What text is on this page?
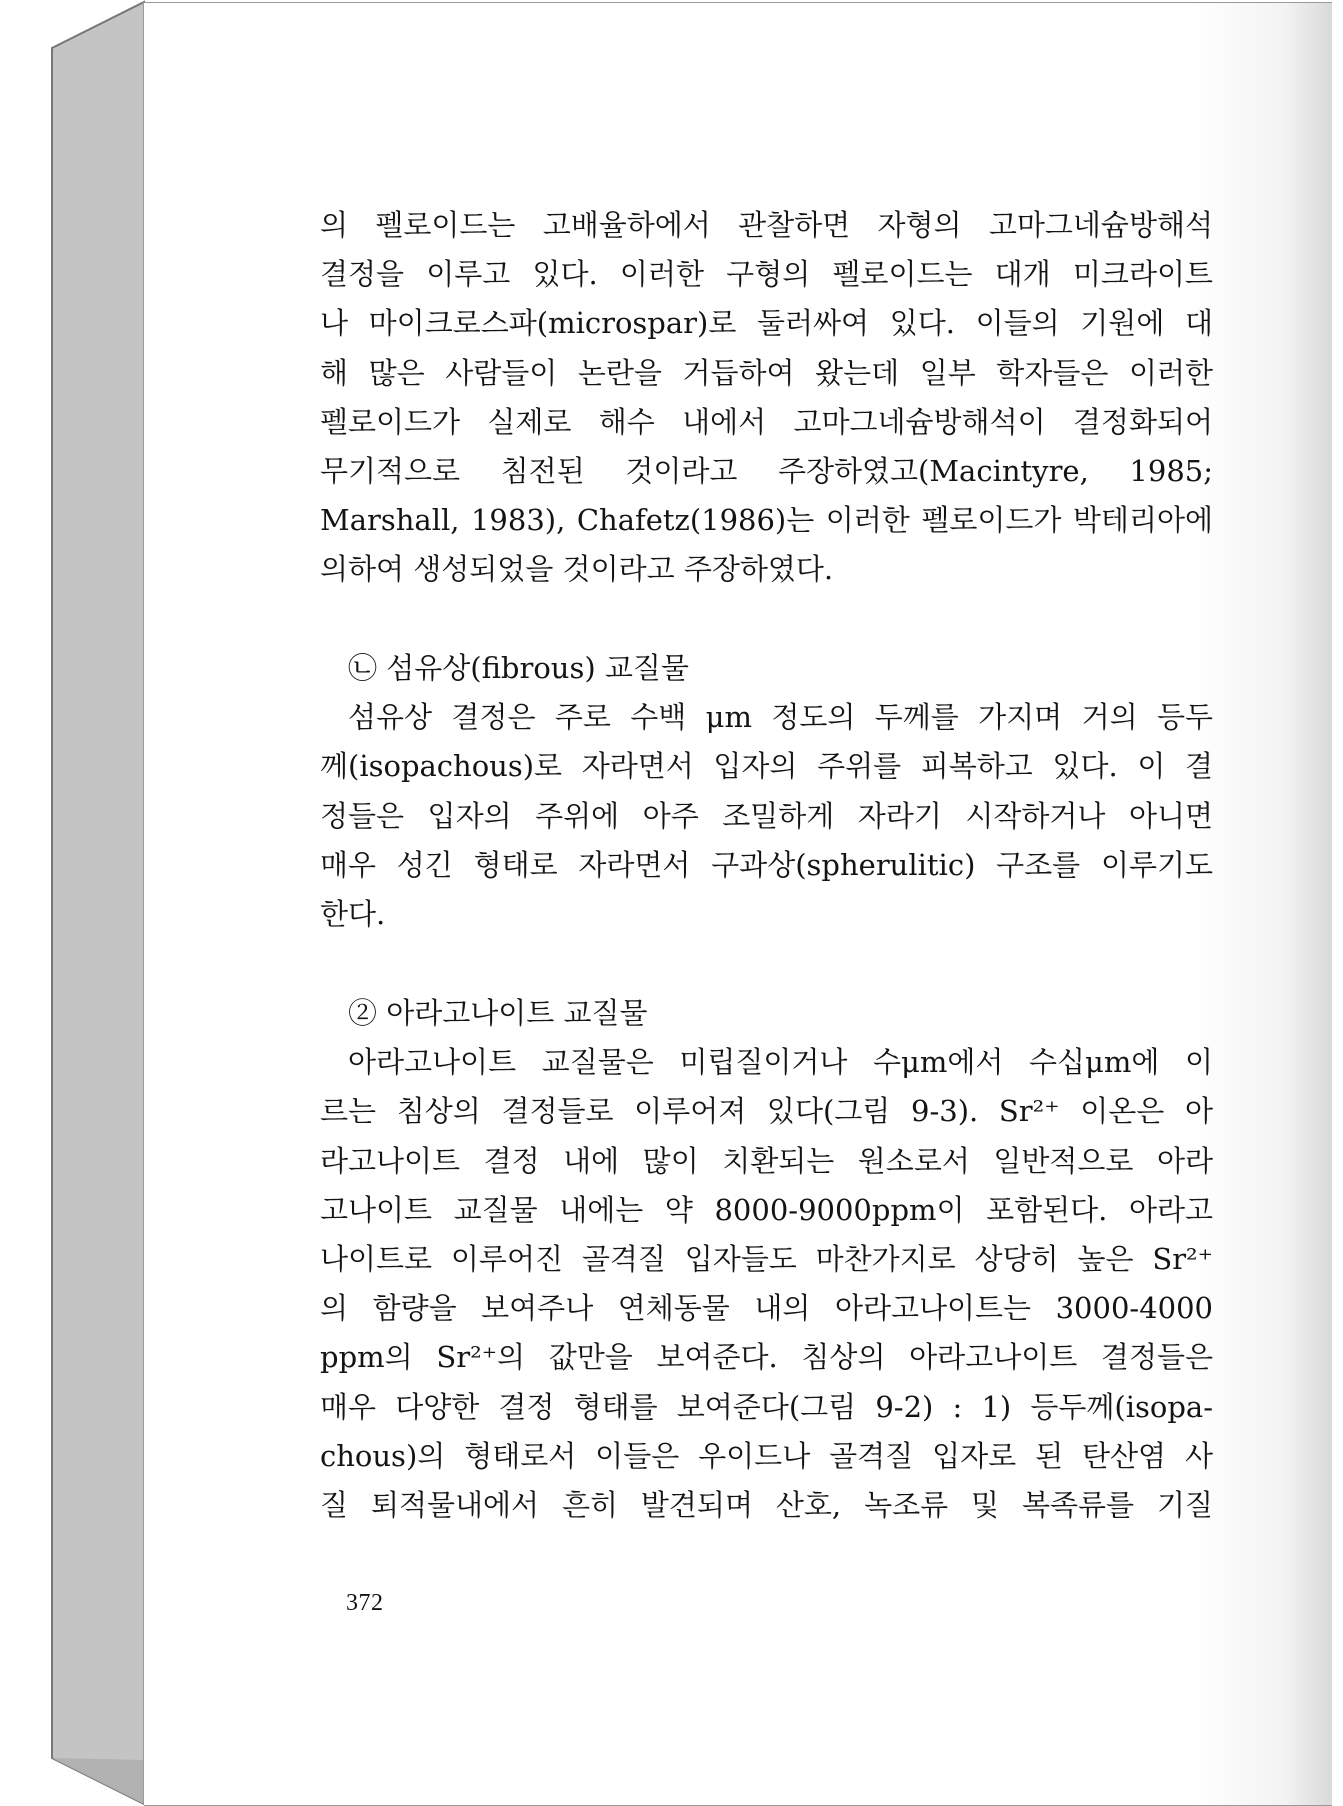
의 펠로이드는 고배율하에서 관찰하면 자형의 고마그네슘방해석
결정을 이루고 있다. 이러한 구형의 펠로이드는 대개 미크라이트
나 마이크로스파(microspar)로 둘러싸여 있다. 이들의 기원에 대
해 많은 사람들이 논란을 거듭하여 왔는데 일부 학자들은 이러한
펠로이드가 실제로 해수 내에서 고마그네슘방해석이 결정화되어
무기적으로 침전된 것이라고 주장하였고(Macintyre, 1985;
Marshall, 1983), Chafetz(1986)는 이러한 펠로이드가 박테리아에
의하여 생성되었을 것이라고 주장하였다.
㉡ 섬유상(fibrous) 교질물
섬유상 결정은 주로 수백 μm 정도의 두께를 가지며 거의 등두
께(isopachous)로 자라면서 입자의 주위를 피복하고 있다. 이 결
정들은 입자의 주위에 아주 조밀하게 자라기 시작하거나 아니면
매우 성긴 형태로 자라면서 구과상(spherulitic) 구조를 이루기도
한다.
② 아라고나이트 교질물
아라고나이트 교질물은 미립질이거나 수μm에서 수십μm에 이
르는 침상의 결정들로 이루어져 있다(그림 9-3). Sr²⁺ 이온은 아
라고나이트 결정 내에 많이 치환되는 원소로서 일반적으로 아라
고나이트 교질물 내에는 약 8000-9000ppm이 포함된다. 아라고
나이트로 이루어진 골격질 입자들도 마찬가지로 상당히 높은 Sr²⁺
의 함량을 보여주나 연체동물 내의 아라고나이트는 3000-4000
ppm의 Sr²⁺의 값만을 보여준다. 침상의 아라고나이트 결정들은
매우 다양한 결정 형태를 보여준다(그림 9-2) : 1) 등두께(isopa-
chous)의 형태로서 이들은 우이드나 골격질 입자로 된 탄산염 사
질 퇴적물내에서 흔히 발견되며 산호, 녹조류 및 복족류를 기질
372
